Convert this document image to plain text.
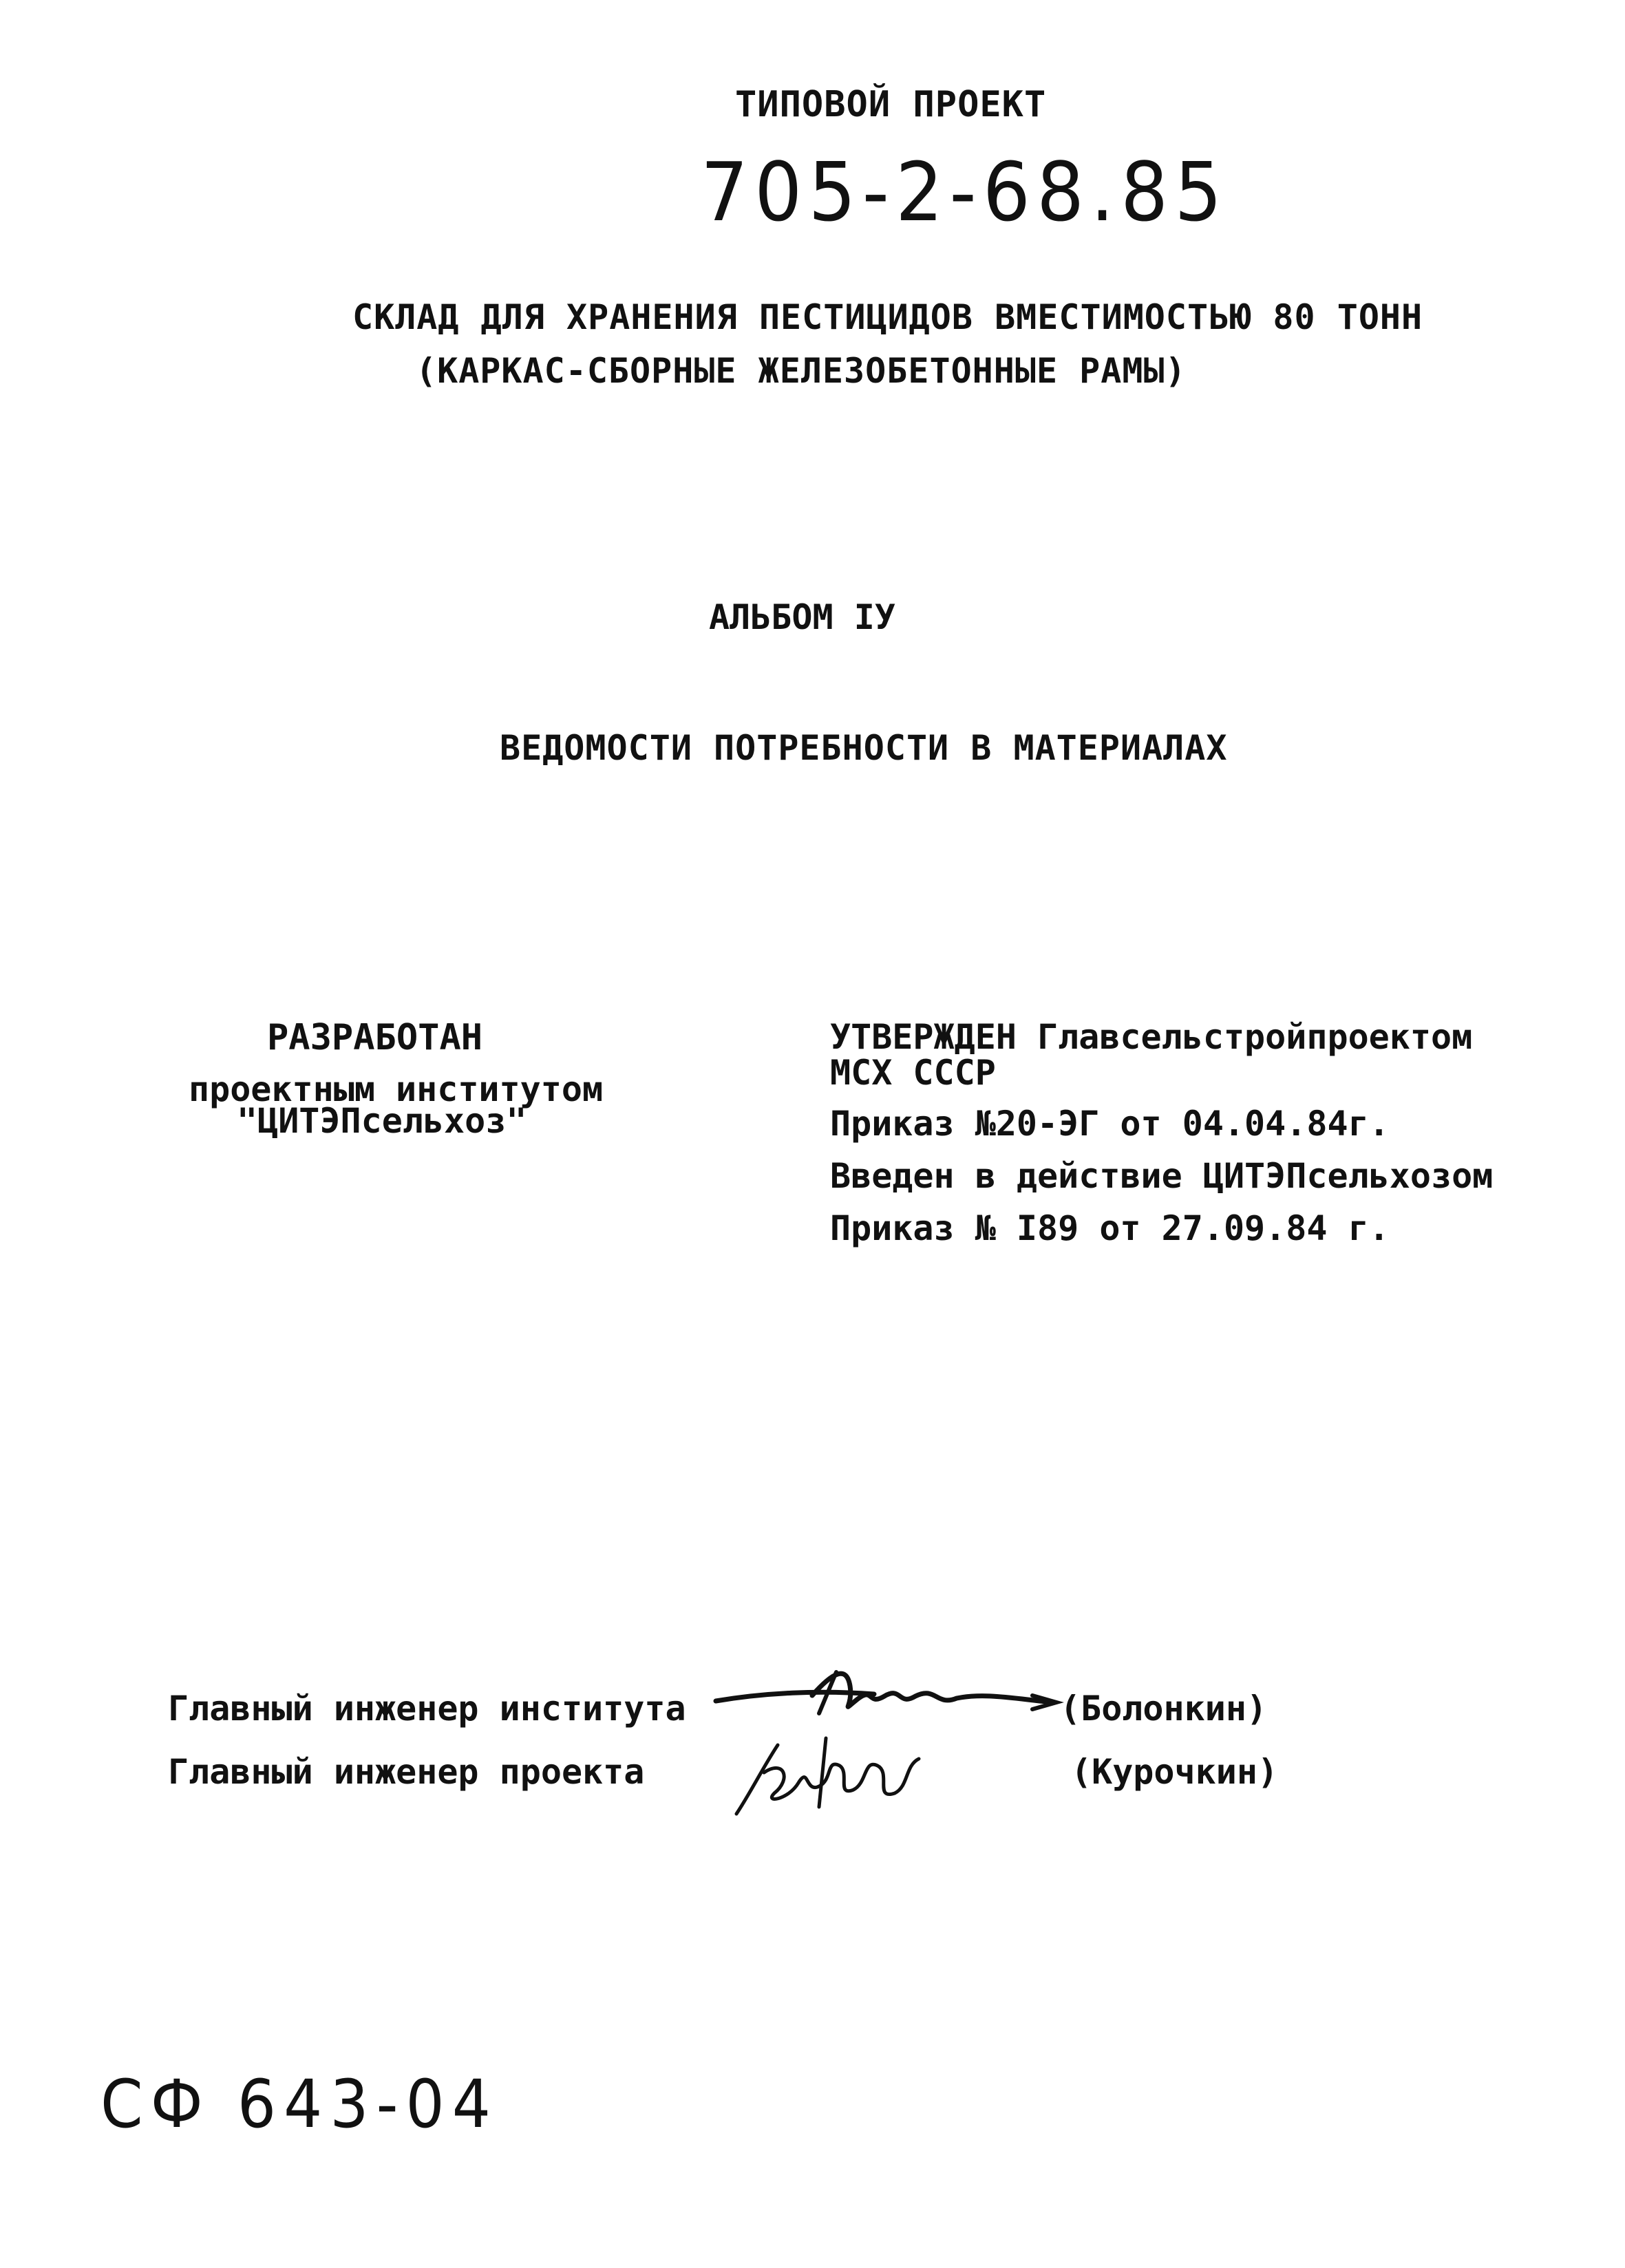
ТИПОВОЙ ПРОЕКТ
705-2-68.85
СКЛАД ДЛЯ ХРАНЕНИЯ ПЕСТИЦИДОВ ВМЕСТИМОСТЬЮ 80 ТОНН
(КАРКАС-СБОРНЫЕ ЖЕЛЕЗОБЕТОННЫЕ РАМЫ)
АЛЬБОМ IУ
ВЕДОМОСТИ ПОТРЕБНОСТИ В МАТЕРИАЛАХ
РАЗРАБОТАН
проектным институтом
"ЦИТЭПсельхоз"
УТВЕРЖДЕН Главсельстройпроектом
МСХ СССР
Приказ №20-ЭГ от 04.04.84г.
Введен в действие ЦИТЭПсельхозом
Приказ № I89 от 27.09.84 г.
Главный инженер института	(Болонкин)
Главный инженер проекта	(Курочкин)
СФ 643-04
